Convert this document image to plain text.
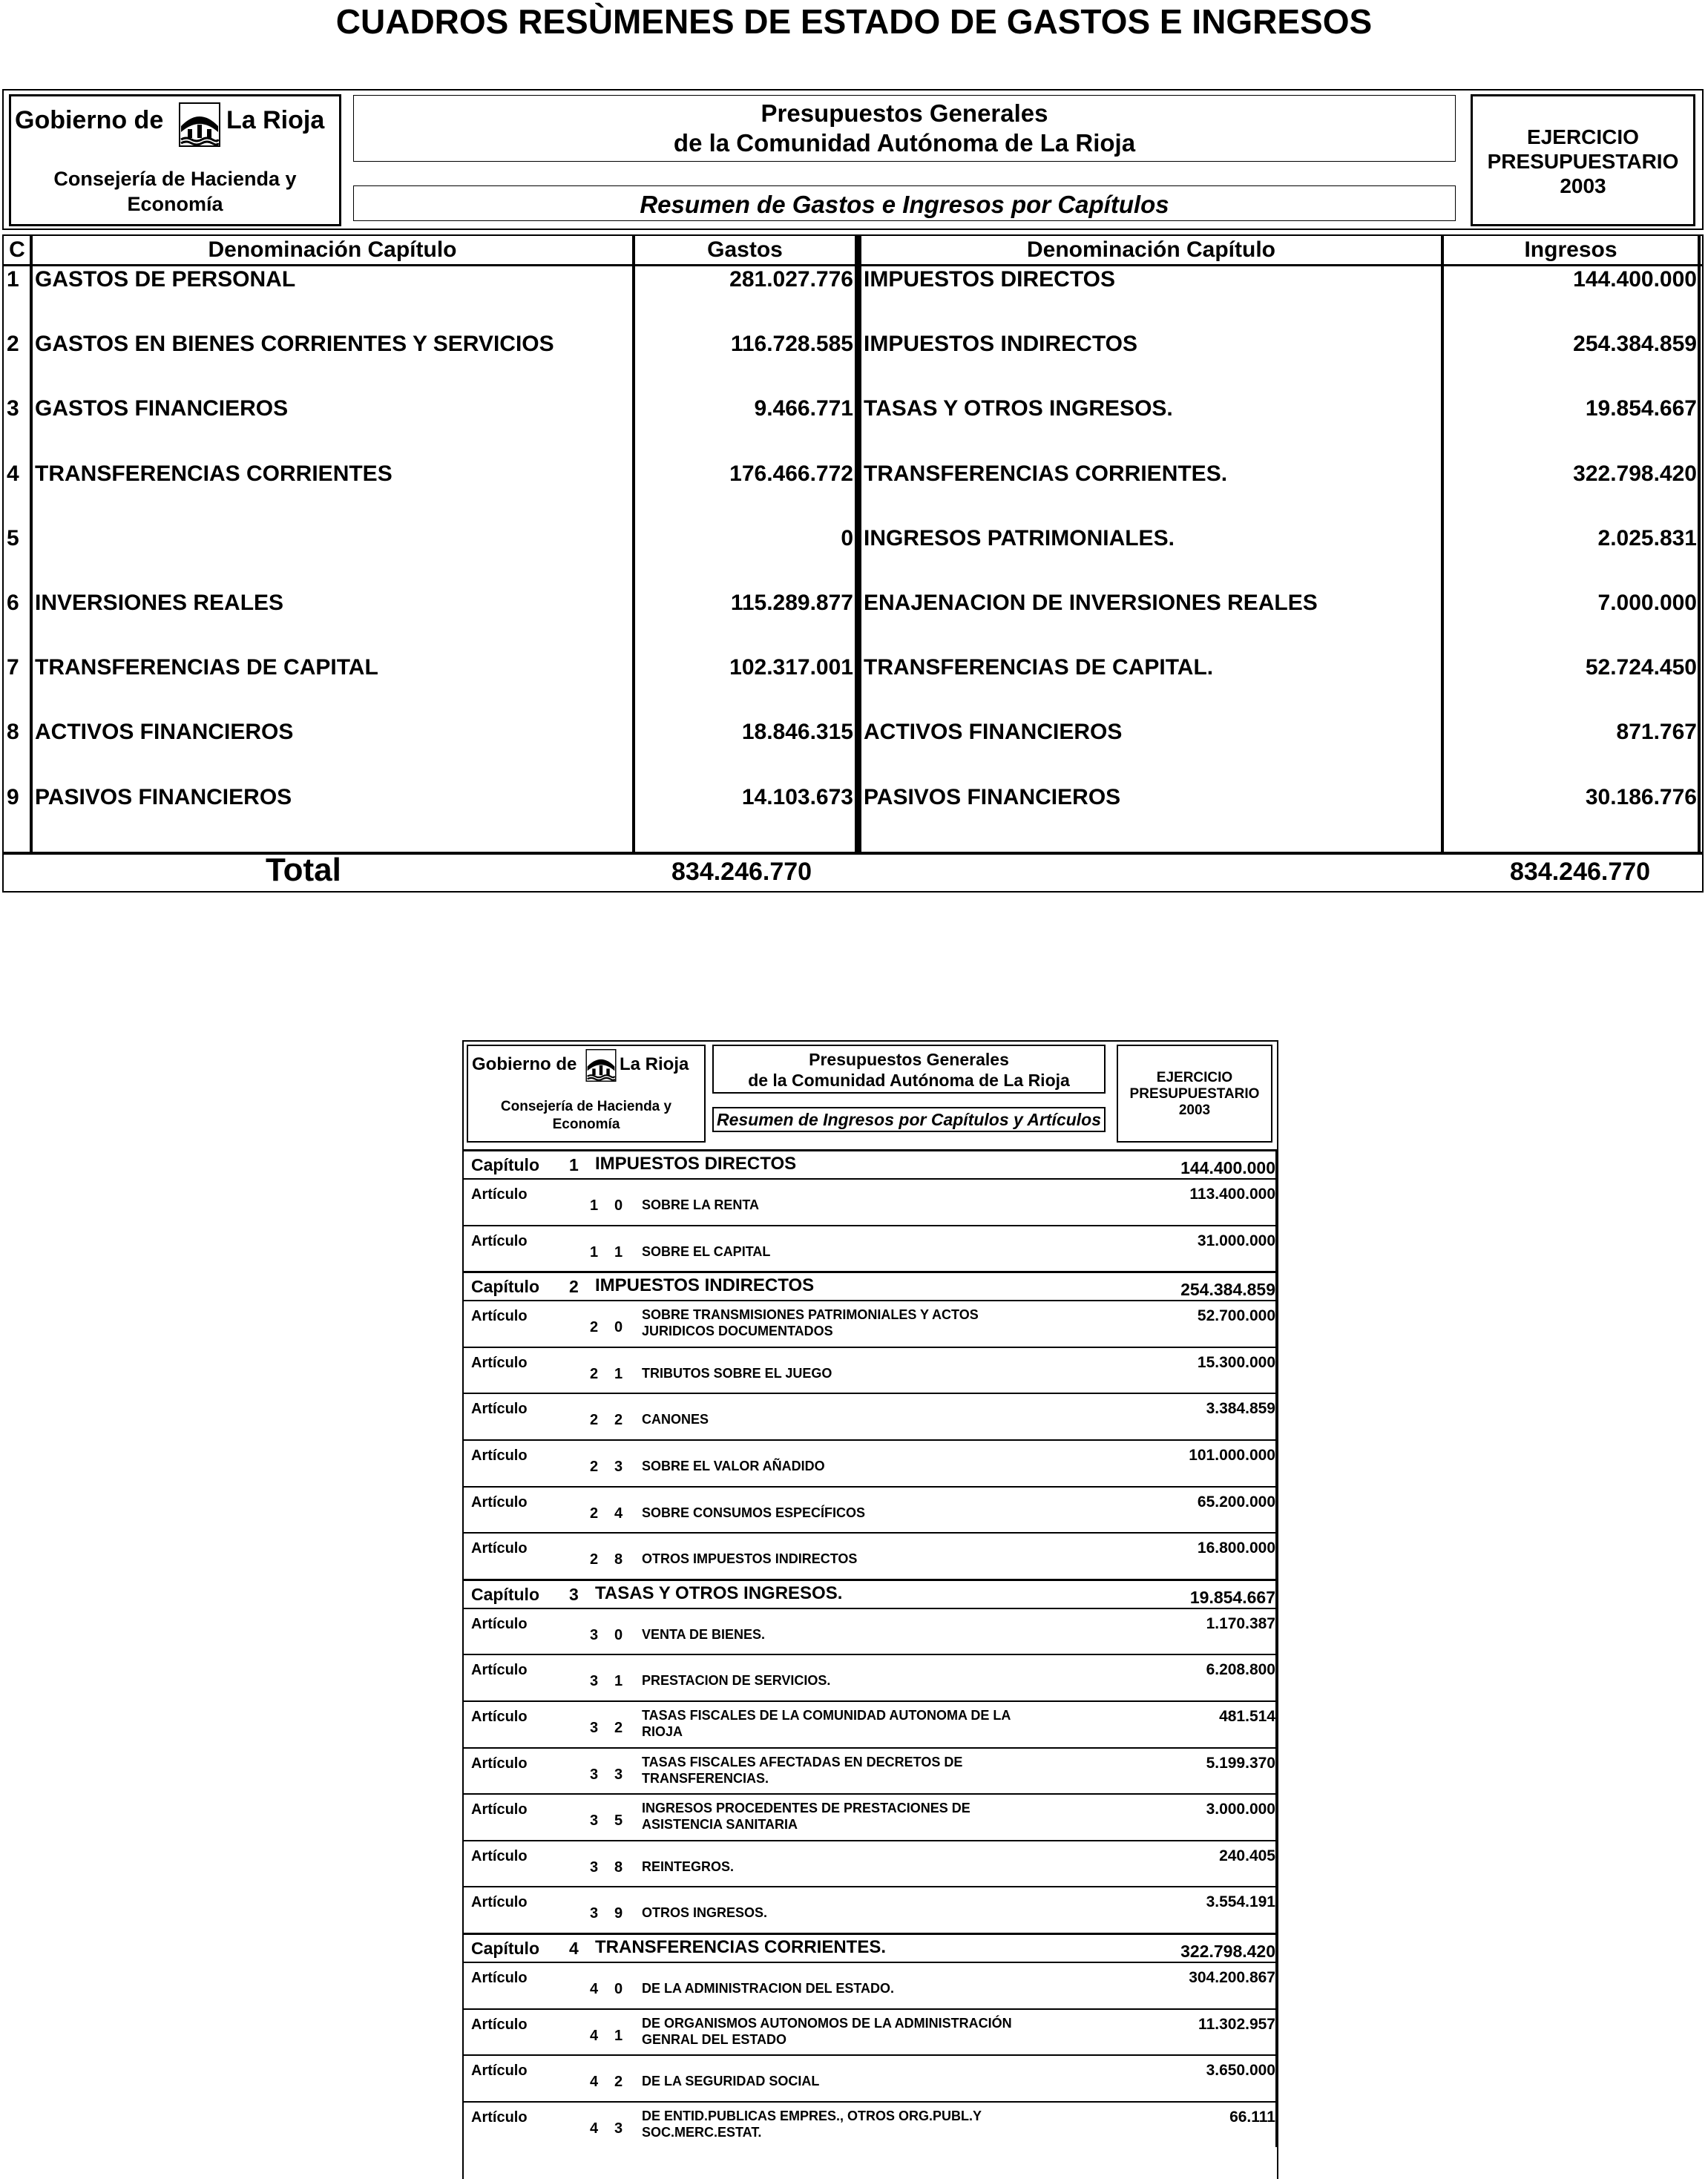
CUADROS RESÙMENES DE ESTADO DE GASTOS E INGRESOS
Gobierno de La Rioja
Consejería de Hacienda y
Economía
Presupuestos Generales
de la Comunidad Autónoma de La Rioja
Resumen de Gastos e Ingresos por Capítulos
EJERCICIO
PRESUPUESTARIO
2003
C	Denominación Capítulo	Gastos	Denominación Capítulo	Ingresos
1 GASTOS DE PERSONAL	281.027.776 IMPUESTOS DIRECTOS	144.400.000
2 GASTOS EN BIENES CORRIENTES Y SERVICIOS	116.728.585 IMPUESTOS INDIRECTOS	254.384.859
3 GASTOS FINANCIEROS	9.466.771 TASAS Y OTROS INGRESOS.	19.854.667
4 TRANSFERENCIAS CORRIENTES	176.466.772 TRANSFERENCIAS CORRIENTES.	322.798.420
5	0 INGRESOS PATRIMONIALES.	2.025.831
6 INVERSIONES REALES	115.289.877 ENAJENACION DE INVERSIONES REALES	7.000.000
7 TRANSFERENCIAS DE CAPITAL	102.317.001 TRANSFERENCIAS DE CAPITAL.	52.724.450
8 ACTIVOS FINANCIEROS	18.846.315 ACTIVOS FINANCIEROS	871.767
9 PASIVOS FINANCIEROS	14.103.673 PASIVOS FINANCIEROS	30.186.776
Total	834.246.770	834.246.770
Gobierno de La Rioja
Consejería de Hacienda y
Economía
Presupuestos Generales
de la Comunidad Autónoma de La Rioja
Resumen de Ingresos por Capítulos y Artículos
EJERCICIO
PRESUPUESTARIO
2003
Capítulo 1 IMPUESTOS DIRECTOS	144.400.000
Artículo
1 0 SOBRE LA RENTA
113.400.000
Artículo
1 1 SOBRE EL CAPITAL
31.000.000
Capítulo 2 IMPUESTOS INDIRECTOS	254.384.859
Artículo
2 0
SOBRE TRANSMISIONES PATRIMONIALES Y ACTOS
JURIDICOS DOCUMENTADOS
52.700.000
Artículo
2 1 TRIBUTOS SOBRE EL JUEGO
15.300.000
Artículo
2 2 CANONES
3.384.859
Artículo
2 3 SOBRE EL VALOR AÑADIDO
101.000.000
Artículo
2 4 SOBRE CONSUMOS ESPECÍFICOS
65.200.000
Artículo
2 8 OTROS IMPUESTOS INDIRECTOS
16.800.000
Capítulo 3 TASAS Y OTROS INGRESOS.	19.854.667
Artículo
3 0 VENTA DE BIENES.
1.170.387
Artículo
3 1 PRESTACION DE SERVICIOS.
6.208.800
Artículo
3 2
TASAS FISCALES DE LA COMUNIDAD AUTONOMA DE LA
RIOJA
481.514
Artículo
3 3
TASAS FISCALES AFECTADAS EN DECRETOS DE
TRANSFERENCIAS.
5.199.370
Artículo
3 5
INGRESOS PROCEDENTES DE PRESTACIONES DE
ASISTENCIA SANITARIA
3.000.000
Artículo
3 8 REINTEGROS.
240.405
Artículo
3 9 OTROS INGRESOS.
3.554.191
Capítulo 4 TRANSFERENCIAS CORRIENTES.	322.798.420
Artículo
4 0 DE LA ADMINISTRACION DEL ESTADO.
304.200.867
Artículo
4 1
DE ORGANISMOS AUTONOMOS DE LA ADMINISTRACIÓN
GENRAL DEL ESTADO
11.302.957
Artículo
4 2 DE LA SEGURIDAD SOCIAL
3.650.000
Artículo
4 3
DE ENTID.PUBLICAS EMPRES., OTROS ORG.PUBL.Y
SOC.MERC.ESTAT.
66.111
